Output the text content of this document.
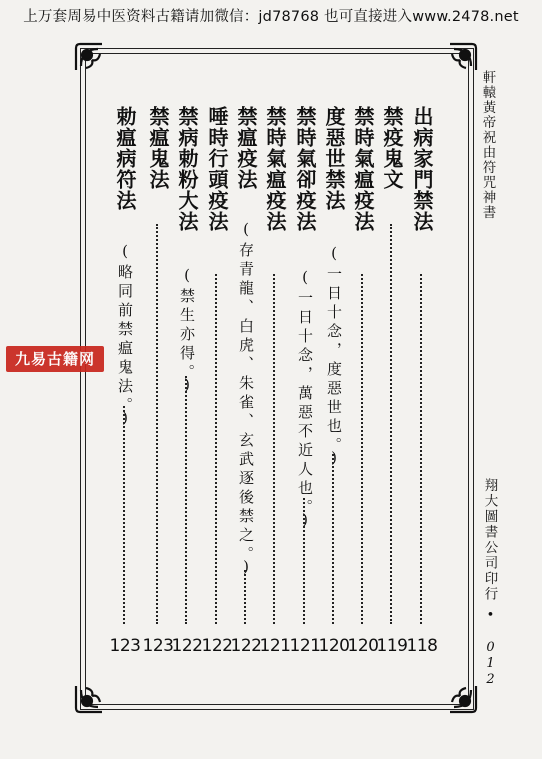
上万套周易中医资料古籍请加微信：jd78768 也可直接进入www.2478.net
軒轅黃帝祝由符咒神書
翔大圖書公司印行
• 012
出病家門禁法
118
禁疫鬼文
119
禁時氣瘟疫法
120
度惡世禁法
(一日十念，度惡世也。)
120
禁時氣卻疫法
(一日十念，萬惡不近人也。)
121
禁時氣瘟疫法
121
禁瘟疫法
(存青龍、白虎、朱雀、玄武逐後禁之。)
122
唾時行頭疫法
122
禁病勅粉大法
(禁生亦得。)
122
禁瘟鬼法
123
勅瘟病符法
(略同前禁瘟鬼法。)
123
九易古籍网
